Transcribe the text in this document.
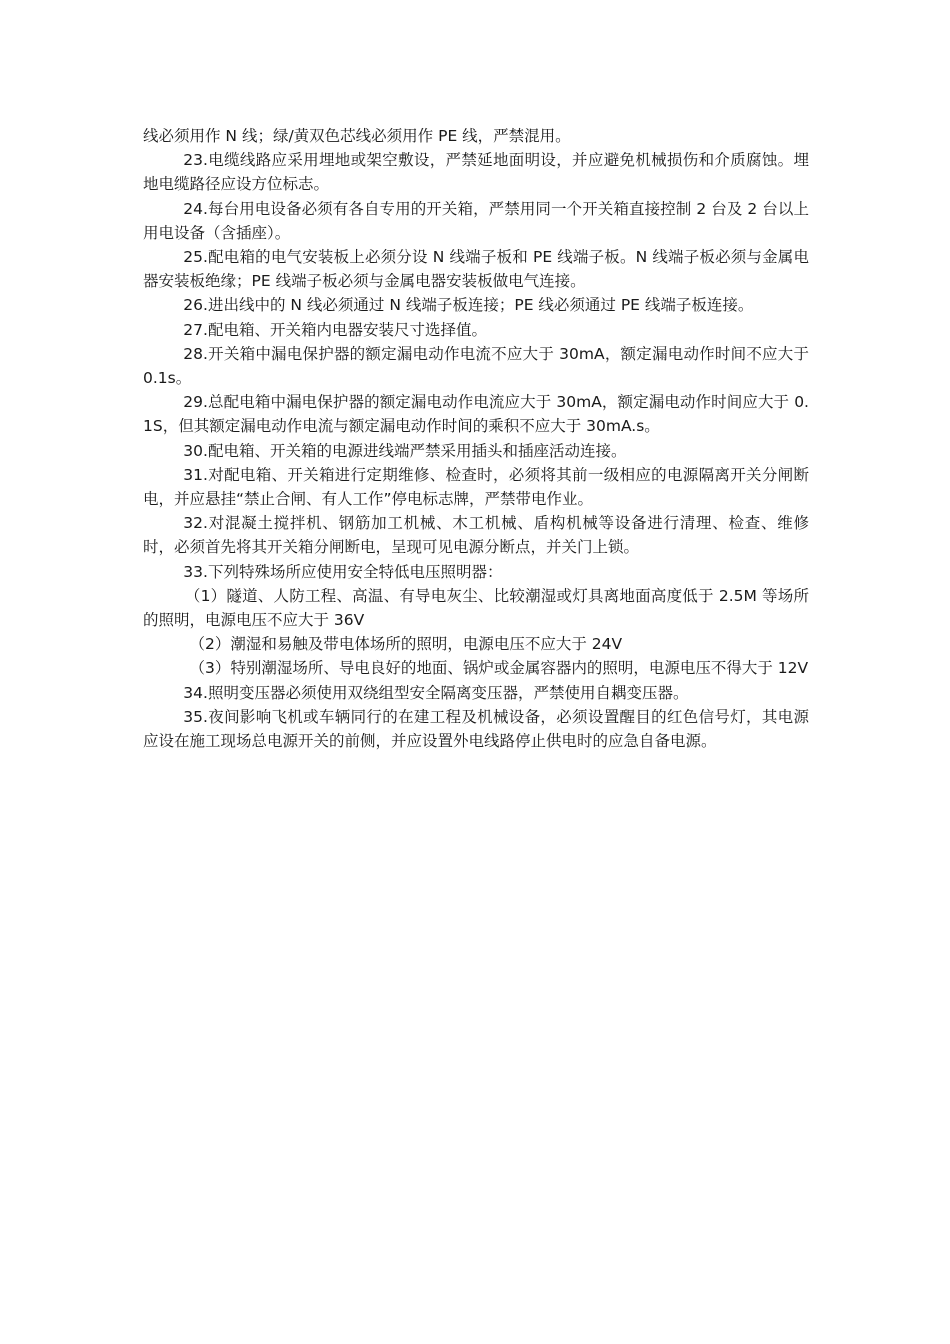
线必须用作 N 线；绿/黄双色芯线必须用作 PE 线，严禁混用。

23.电缆线路应采用埋地或架空敷设，严禁延地面明设，并应避免机械损伤和介质腐蚀。埋地电缆路径应设方位标志。

24.每台用电设备必须有各自专用的开关箱，严禁用同一个开关箱直接控制 2 台及 2 台以上用电设备（含插座）。

25.配电箱的电气安装板上必须分设 N 线端子板和 PE 线端子板。N 线端子板必须与金属电器安装板绝缘；PE 线端子板必须与金属电器安装板做电气连接。

26.进出线中的 N 线必须通过 N 线端子板连接；PE 线必须通过 PE 线端子板连接。

27.配电箱、开关箱内电器安装尺寸选择值。

28.开关箱中漏电保护器的额定漏电动作电流不应大于 30mA，额定漏电动作时间不应大于 0.1s。

29.总配电箱中漏电保护器的额定漏电动作电流应大于 30mA，额定漏电动作时间应大于 0.1S，但其额定漏电动作电流与额定漏电动作时间的乘积不应大于 30mA.s。

30.配电箱、开关箱的电源进线端严禁采用插头和插座活动连接。

31.对配电箱、开关箱进行定期维修、检查时，必须将其前一级相应的电源隔离开关分闸断电，并应悬挂“禁止合闸、有人工作”停电标志牌，严禁带电作业。

32.对混凝土搅拌机、钢筋加工机械、木工机械、盾构机械等设备进行清理、检查、维修时，必须首先将其开关箱分闸断电，呈现可见电源分断点，并关门上锁。

33.下列特殊场所应使用安全特低电压照明器：

（1）隧道、人防工程、高温、有导电灰尘、比较潮湿或灯具离地面高度低于 2.5M 等场所的照明，电源电压不应大于 36V

（2）潮湿和易触及带电体场所的照明，电源电压不应大于 24V

（3）特别潮湿场所、导电良好的地面、锅炉或金属容器内的照明，电源电压不得大于 12V

34.照明变压器必须使用双绕组型安全隔离变压器，严禁使用自耦变压器。

35.夜间影响飞机或车辆同行的在建工程及机械设备，必须设置醒目的红色信号灯，其电源应设在施工现场总电源开关的前侧，并应设置外电线路停止供电时的应急自备电源。
